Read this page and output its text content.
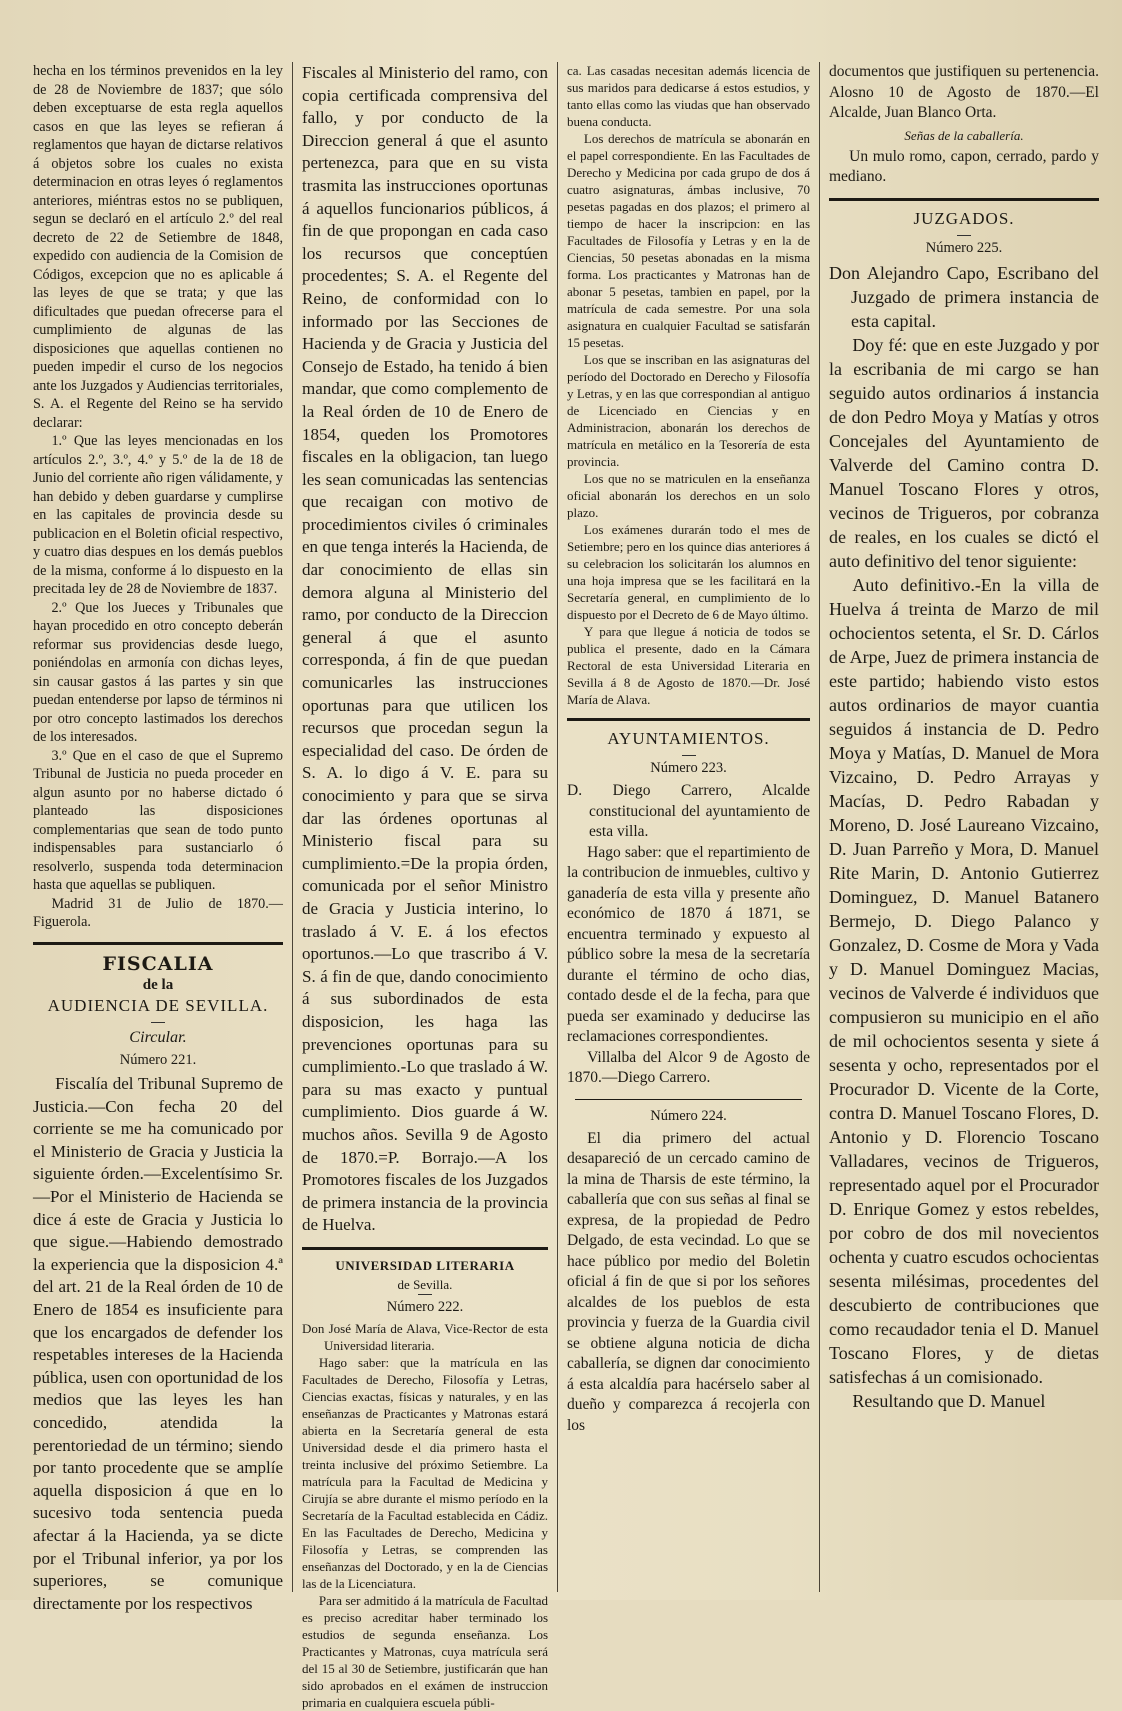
hecha en los términos prevenidos en la ley de 28 de Noviembre de 1837; que sólo deben exceptuarse de esta regla aquellos casos en que las leyes se refieran á reglamentos que hayan de dictarse relativos á objetos sobre los cuales no exista determinacion en otras leyes ó reglamentos anteriores, miéntras estos no se publiquen, segun se declaró en el artículo 2.º del real decreto de 22 de Setiembre de 1848, expedido con audiencia de la Comision de Códigos, excepcion que no es aplicable á las leyes de que se trata; y que las dificultades que puedan ofrecerse para el cumplimiento de algunas de las disposiciones que aquellas contienen no pueden impedir el curso de los negocios ante los Juzgados y Audiencias territoriales, S. A. el Regente del Reino se ha servido declarar:

1.º Que las leyes mencionadas en los artículos 2.º, 3.º, 4.º y 5.º de la de 18 de Junio del corriente año rigen válidamente, y han debido y deben guardarse y cumplirse en las capitales de provincia desde su publicacion en el Boletin oficial respectivo, y cuatro dias despues en los demás pueblos de la misma, conforme á lo dispuesto en la precitada ley de 28 de Noviembre de 1837.

2.º Que los Jueces y Tribunales que hayan procedido en otro concepto deberán reformar sus providencias desde luego, poniéndolas en armonía con dichas leyes, sin causar gastos á las partes y sin que puedan entenderse por lapso de términos ni por otro concepto lastimados los derechos de los interesados.

3.º Que en el caso de que el Supremo Tribunal de Justicia no pueda proceder en algun asunto por no haberse dictado ó planteado las disposiciones complementarias que sean de todo punto indispensables para sustanciarlo ó resolverlo, suspenda toda determinacion hasta que aquellas se publiquen.

Madrid 31 de Julio de 1870.—Figuerola.

FISCALIA
de la
AUDIENCIA DE SEVILLA.
Circular.
Número 221.

Fiscalía del Tribunal Supremo de Justicia.—Con fecha 20 del corriente se me ha comunicado por el Ministerio de Gracia y Justicia la siguiente órden.—Excelentísimo Sr.—Por el Ministerio de Hacienda se dice á este de Gracia y Justicia lo que sigue.—Habiendo demostrado la experiencia que la disposicion 4.ª del art. 21 de la Real órden de 10 de Enero de 1854 es insuficiente para que los encargados de defender los respetables intereses de la Hacienda pública, usen con oportunidad de los medios que las leyes les han concedido, atendida la perentoriedad de un término; siendo por tanto procedente que se amplíe aquella disposicion á que en lo sucesivo toda sentencia pueda afectar á la Hacienda, ya se dicte por el Tribunal inferior, ya por los superiores, se comunique directamente por los respectivos

Fiscales al Ministerio del ramo, con copia certificada comprensiva del fallo, y por conducto de la Direccion general á que el asunto pertenezca, para que en su vista trasmita las instrucciones oportunas á aquellos funcionarios públicos, á fin de que propongan en cada caso los recursos que conceptúen procedentes; S. A. el Regente del Reino, de conformidad con lo informado por las Secciones de Hacienda y de Gracia y Justicia del Consejo de Estado, ha tenido á bien mandar, que como complemento de la Real órden de 10 de Enero de 1854, queden los Promotores fiscales en la obligacion, tan luego les sean comunicadas las sentencias que recaigan con motivo de procedimientos civiles ó criminales en que tenga interés la Hacienda, de dar conocimiento de ellas sin demora alguna al Ministerio del ramo, por conducto de la Direccion general á que el asunto corresponda, á fin de que puedan comunicarles las instrucciones oportunas para que utilicen los recursos que procedan segun la especialidad del caso. De órden de S. A. lo digo á V. E. para su conocimiento y para que se sirva dar las órdenes oportunas al Ministerio fiscal para su cumplimiento.=De la propia órden, comunicada por el señor Ministro de Gracia y Justicia interino, lo traslado á V. E. á los efectos oportunos.—Lo que trascribo á V. S. á fin de que, dando conocimiento á sus subordinados de esta disposicion, les haga las prevenciones oportunas para su cumplimiento.-Lo que traslado á W. para su mas exacto y puntual cumplimiento. Dios guarde á W. muchos años. Sevilla 9 de Agosto de 1870.=P. Borrajo.—A los Promotores fiscales de los Juzgados de primera instancia de la provincia de Huelva.

UNIVERSIDAD LITERARIA
de Sevilla.
Número 222.

Don José María de Alava, Vice-Rector de esta Universidad literaria.

Hago saber: que la matrícula en las Facultades de Derecho, Filosofía y Letras, Ciencias exactas, físicas y naturales, y en las enseñanzas de Practicantes y Matronas estará abierta en la Secretaría general de esta Universidad desde el dia primero hasta el treinta inclusive del próximo Setiembre. La matrícula para la Facultad de Medicina y Cirujía se abre durante el mismo período en la Secretaría de la Facultad establecida en Cádiz. En las Facultades de Derecho, Medicina y Filosofía y Letras, se comprenden las enseñanzas del Doctorado, y en la de Ciencias las de la Licenciatura.

Para ser admitido á la matrícula de Facultad es preciso acreditar haber terminado los estudios de segunda enseñanza. Los Practicantes y Matronas, cuya matrícula será del 15 al 30 de Setiembre, justificarán que han sido aprobados en el exámen de instruccion primaria en cualquiera escuela públi-

ca. Las casadas necesitan además licencia de sus maridos para dedicarse á estos estudios, y tanto ellas como las viudas que han observado buena conducta.

Los derechos de matrícula se abonarán en el papel correspondiente. En las Facultades de Derecho y Medicina por cada grupo de dos á cuatro asignaturas, ámbas inclusive, 70 pesetas pagadas en dos plazos; el primero al tiempo de hacer la inscripcion: en las Facultades de Filosofía y Letras y en la de Ciencias, 50 pesetas abonadas en la misma forma. Los practicantes y Matronas han de abonar 5 pesetas, tambien en papel, por la matrícula de cada semestre. Por una sola asignatura en cualquier Facultad se satisfarán 15 pesetas.

Los que se inscriban en las asignaturas del período del Doctorado en Derecho y Filosofía y Letras, y en las que correspondian al antiguo de Licenciado en Ciencias y en Administracion, abonarán los derechos de matrícula en metálico en la Tesorería de esta provincia.

Los que no se matriculen en la enseñanza oficial abonarán los derechos en un solo plazo.

Los exámenes durarán todo el mes de Setiembre; pero en los quince dias anteriores á su celebracion los solicitarán los alumnos en una hoja impresa que se les facilitará en la Secretaría general, en cumplimiento de lo dispuesto por el Decreto de 6 de Mayo último.

Y para que llegue á noticia de todos se publica el presente, dado en la Cámara Rectoral de esta Universidad Literaria en Sevilla á 8 de Agosto de 1870.—Dr. José María de Alava.

AYUNTAMIENTOS.
Número 223.

D. Diego Carrero, Alcalde constitucional del ayuntamiento de esta villa.

Hago saber: que el repartimiento de la contribucion de inmuebles, cultivo y ganadería de esta villa y presente año económico de 1870 á 1871, se encuentra terminado y expuesto al público sobre la mesa de la secretaría durante el término de ocho dias, contado desde el de la fecha, para que pueda ser examinado y deducirse las reclamaciones correspondientes.

Villalba del Alcor 9 de Agosto de 1870.—Diego Carrero.

Número 224.

El dia primero del actual desapareció de un cercado camino de la mina de Tharsis de este término, la caballería que con sus señas al final se expresa, de la propiedad de Pedro Delgado, de esta vecindad. Lo que se hace público por medio del Boletin oficial á fin de que si por los señores alcaldes de los pueblos de esta provincia y fuerza de la Guardia civil se obtiene alguna noticia de dicha caballería, se dignen dar conocimiento á esta alcaldía para hacérselo saber al dueño y comparezca á recojerla con los

documentos que justifiquen su pertenencia. Alosno 10 de Agosto de 1870.—El Alcalde, Juan Blanco Orta.

Señas de la caballería.

Un mulo romo, capon, cerrado, pardo y mediano.

JUZGADOS.
Número 225.

Don Alejandro Capo, Escribano del Juzgado de primera instancia de esta capital.

Doy fé: que en este Juzgado y por la escribania de mi cargo se han seguido autos ordinarios á instancia de don Pedro Moya y Matías y otros Concejales del Ayuntamiento de Valverde del Camino contra D. Manuel Toscano Flores y otros, vecinos de Trigueros, por cobranza de reales, en los cuales se dictó el auto definitivo del tenor siguiente:

Auto definitivo.-En la villa de Huelva á treinta de Marzo de mil ochocientos setenta, el Sr. D. Cárlos de Arpe, Juez de primera instancia de este partido; habiendo visto estos autos ordinarios de mayor cuantia seguidos á instancia de D. Pedro Moya y Matías, D. Manuel de Mora Vizcaino, D. Pedro Arrayas y Macías, D. Pedro Rabadan y Moreno, D. José Laureano Vizcaino, D. Juan Parreño y Mora, D. Manuel Rite Marin, D. Antonio Gutierrez Dominguez, D. Manuel Batanero Bermejo, D. Diego Palanco y Gonzalez, D. Cosme de Mora y Vada y D. Manuel Dominguez Macias, vecinos de Valverde é individuos que compusieron su municipio en el año de mil ochocientos sesenta y siete á sesenta y ocho, representados por el Procurador D. Vicente de la Corte, contra D. Manuel Toscano Flores, D. Antonio y D. Florencio Toscano Valladares, vecinos de Trigueros, representado aquel por el Procurador D. Enrique Gomez y estos rebeldes, por cobro de dos mil novecientos ochenta y cuatro escudos ochocientas sesenta milésimas, procedentes del descubierto de contribuciones que como recaudador tenia el D. Manuel Toscano Flores, y de dietas satisfechas á un comisionado.

Resultando que D. Manuel
